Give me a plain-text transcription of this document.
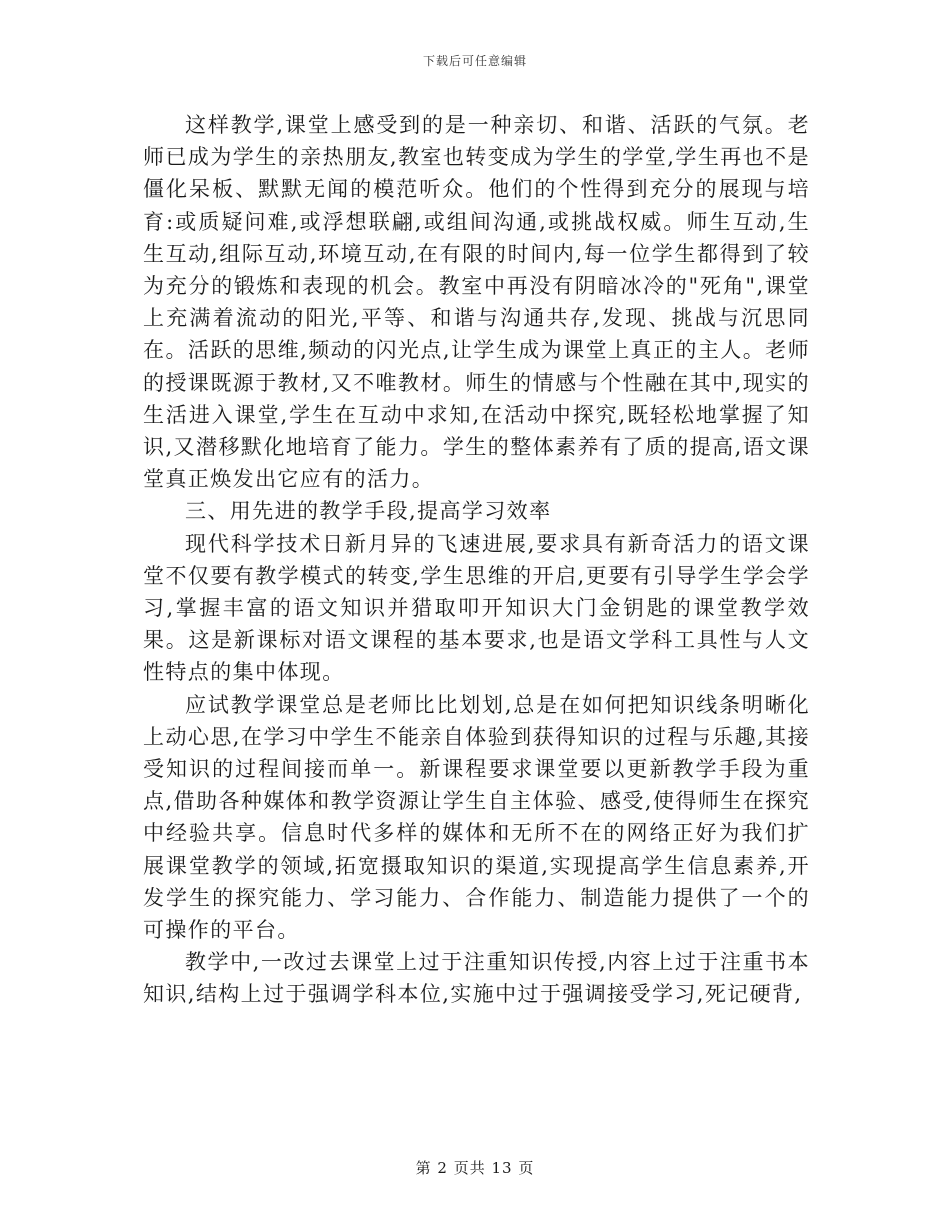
下载后可任意编辑

这样教学,课堂上感受到的是一种亲切、和谐、活跃的气氛。老师已成为学生的亲热朋友,教室也转变成为学生的学堂,学生再也不是僵化呆板、默默无闻的模范听众。他们的个性得到充分的展现与培育:或质疑问难,或浮想联翩,或组间沟通,或挑战权威。师生互动,生生互动,组际互动,环境互动,在有限的时间内,每一位学生都得到了较为充分的锻炼和表现的机会。教室中再没有阴暗冰冷的"死角",课堂上充满着流动的阳光,平等、和谐与沟通共存,发现、挑战与沉思同在。活跃的思维,频动的闪光点,让学生成为课堂上真正的主人。老师的授课既源于教材,又不唯教材。师生的情感与个性融在其中,现实的生活进入课堂,学生在互动中求知,在活动中探究,既轻松地掌握了知识,又潜移默化地培育了能力。学生的整体素养有了质的提高,语文课堂真正焕发出它应有的活力。

三、用先进的教学手段,提高学习效率

现代科学技术日新月异的飞速进展,要求具有新奇活力的语文课堂不仅要有教学模式的转变,学生思维的开启,更要有引导学生学会学习,掌握丰富的语文知识并猎取叩开知识大门金钥匙的课堂教学效果。这是新课标对语文课程的基本要求,也是语文学科工具性与人文性特点的集中体现。

应试教学课堂总是老师比比划划,总是在如何把知识线条明晰化上动心思,在学习中学生不能亲自体验到获得知识的过程与乐趣,其接受知识的过程间接而单一。新课程要求课堂要以更新教学手段为重点,借助各种媒体和教学资源让学生自主体验、感受,使得师生在探究中经验共享。信息时代多样的媒体和无所不在的网络正好为我们扩展课堂教学的领域,拓宽摄取知识的渠道,实现提高学生信息素养,开发学生的探究能力、学习能力、合作能力、制造能力提供了一个的可操作的平台。

教学中,一改过去课堂上过于注重知识传授,内容上过于注重书本知识,结构上过于强调学科本位,实施中过于强调接受学习,死记硬背,

第 2 页共 13 页
